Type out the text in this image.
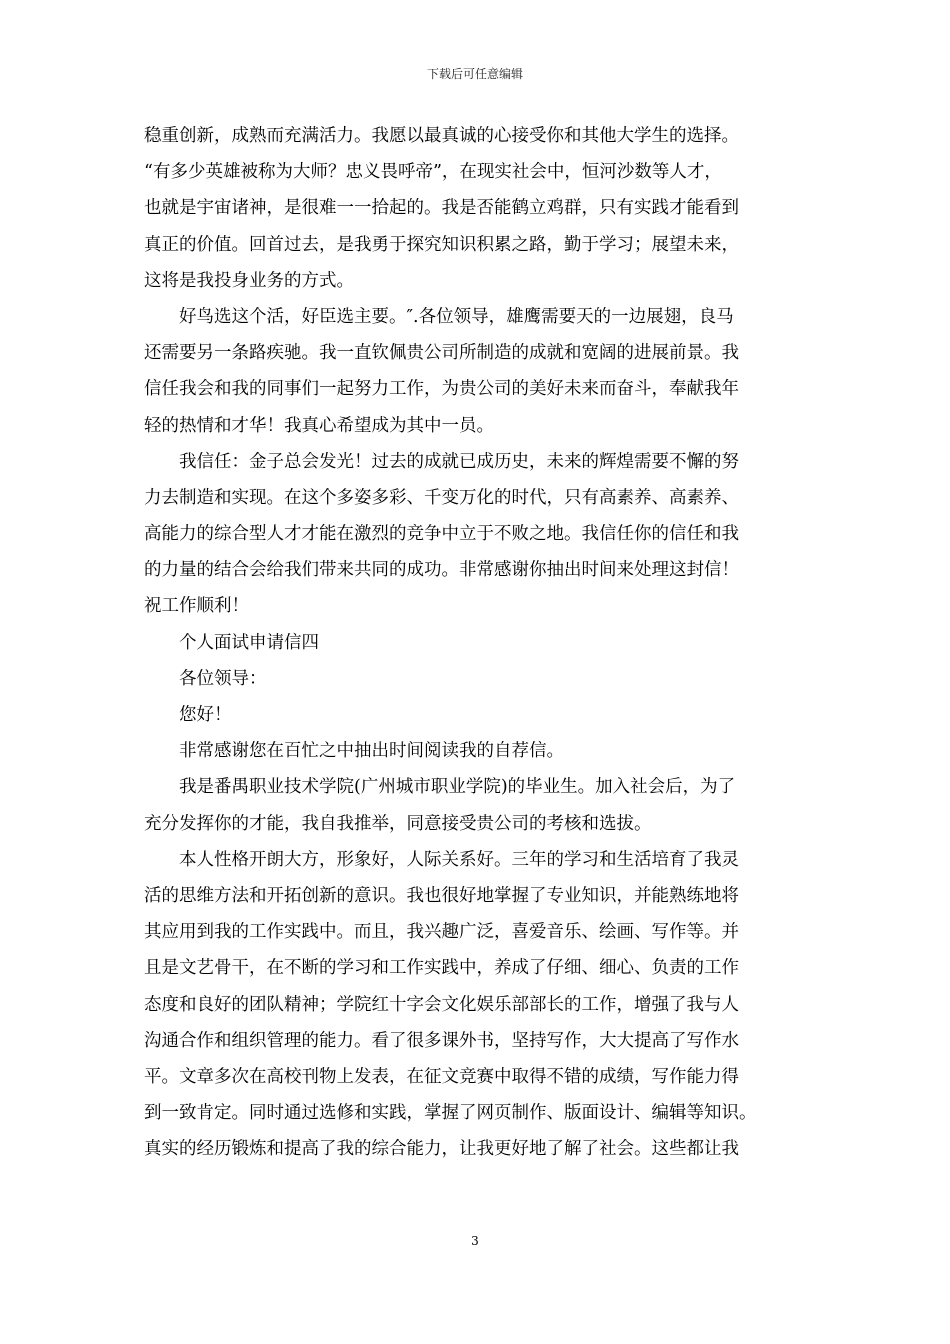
下载后可任意编辑
稳重创新，成熟而充满活力。我愿以最真诚的心接受你和其他大学生的选择。
“有多少英雄被称为大师？忠义畏呼帝”，在现实社会中，恒河沙数等人才，
也就是宇宙诸神，是很难一一拾起的。我是否能鹤立鸡群，只有实践才能看到
真正的价值。回首过去，是我勇于探究知识积累之路，勤于学习；展望未来，
这将是我投身业务的方式。
好鸟选这个活，好臣选主要。″.各位领导，雄鹰需要天的一边展翅，良马
还需要另一条路疾驰。我一直钦佩贵公司所制造的成就和宽阔的进展前景。我
信任我会和我的同事们一起努力工作，为贵公司的美好未来而奋斗，奉献我年
轻的热情和才华！我真心希望成为其中一员。
我信任：金子总会发光！过去的成就已成历史，未来的辉煌需要不懈的努
力去制造和实现。在这个多姿多彩、千变万化的时代，只有高素养、高素养、
高能力的综合型人才才能在激烈的竞争中立于不败之地。我信任你的信任和我
的力量的结合会给我们带来共同的成功。非常感谢你抽出时间来处理这封信！
祝工作顺利！
个人面试申请信四
各位领导：
您好！
非常感谢您在百忙之中抽出时间阅读我的自荐信。
我是番禺职业技术学院(广州城市职业学院)的毕业生。加入社会后，为了
充分发挥你的才能，我自我推举，同意接受贵公司的考核和选拔。
本人性格开朗大方，形象好，人际关系好。三年的学习和生活培育了我灵
活的思维方法和开拓创新的意识。我也很好地掌握了专业知识，并能熟练地将
其应用到我的工作实践中。而且，我兴趣广泛，喜爱音乐、绘画、写作等。并
且是文艺骨干，在不断的学习和工作实践中，养成了仔细、细心、负责的工作
态度和良好的团队精神；学院红十字会文化娱乐部部长的工作，增强了我与人
沟通合作和组织管理的能力。看了很多课外书，坚持写作，大大提高了写作水
平。文章多次在高校刊物上发表，在征文竞赛中取得不错的成绩，写作能力得
到一致肯定。同时通过选修和实践，掌握了网页制作、版面设计、编辑等知识。
真实的经历锻炼和提高了我的综合能力，让我更好地了解了社会。这些都让我
3
